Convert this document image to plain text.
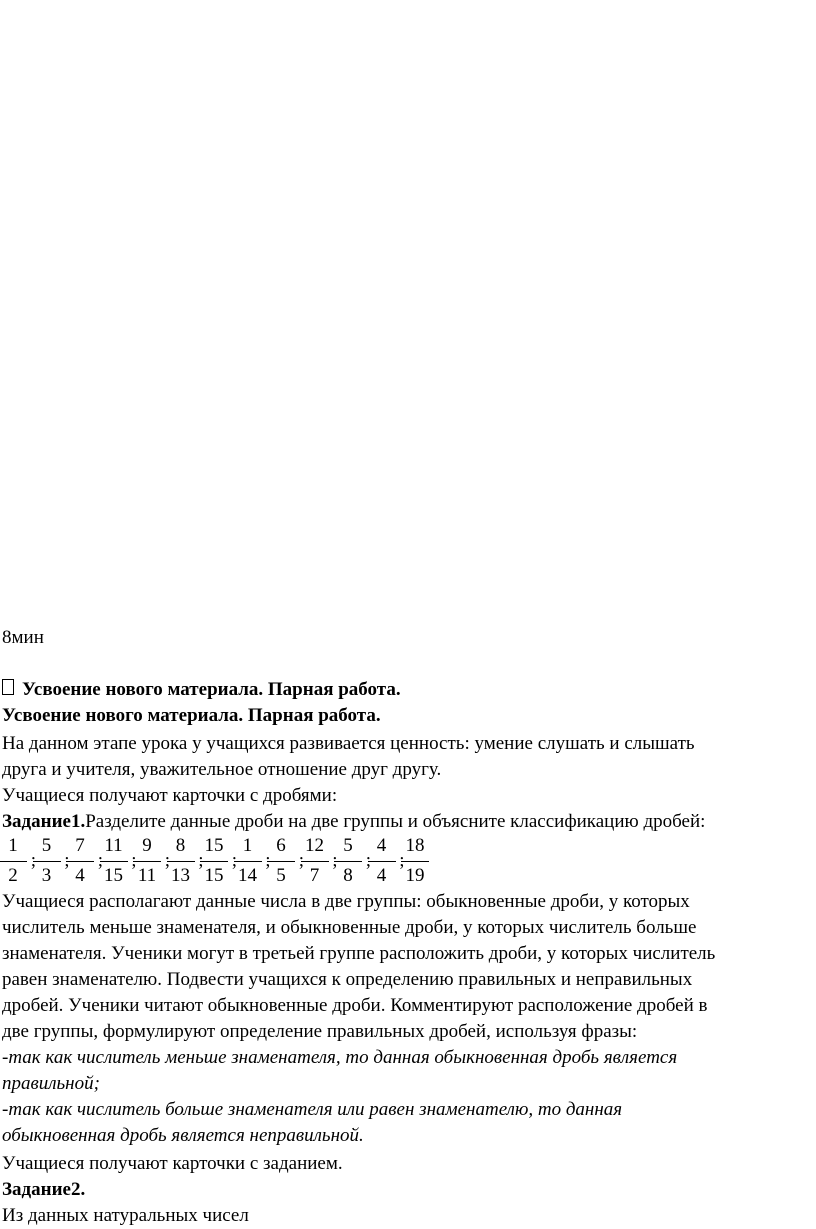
8мин
Усвоение нового материала. Парная работа.
Усвоение нового материала. Парная работа.
На данном этапе урока у учащихся развивается ценность: умение слушать и слышать
друга и учителя, уважительное отношение друг другу.
Учащиеся получают карточки с дробями:
Задание1.Разделите данные дроби на две группы и объясните классификацию дробей:
1
2
5
3
7
4
11
15
9
11
8
13
15
15
1
14
6
5
12
7
5
8
4
4
18
19
Учащиеся располагают данные числа в две группы: обыкновенные дроби, у которых
числитель меньше знаменателя, и обыкновенные дроби, у которых числитель больше
знаменателя. Ученики могут в третьей группе расположить дроби, у которых числитель
равен знаменателю. Подвести учащихся к определению правильных и неправильных
дробей. Ученики читают обыкновенные дроби. Комментируют расположение дробей в
две группы, формулируют определение правильных дробей, используя фразы:
-так как числитель меньше знаменателя, то данная обыкновенная дробь является
правильной;
-так как числитель больше знаменателя или равен знаменателю, то данная
обыкновенная дробь является неправильной.
Учащиеся получают карточки с заданием.
Задание2.
Из данных натуральных чисел
